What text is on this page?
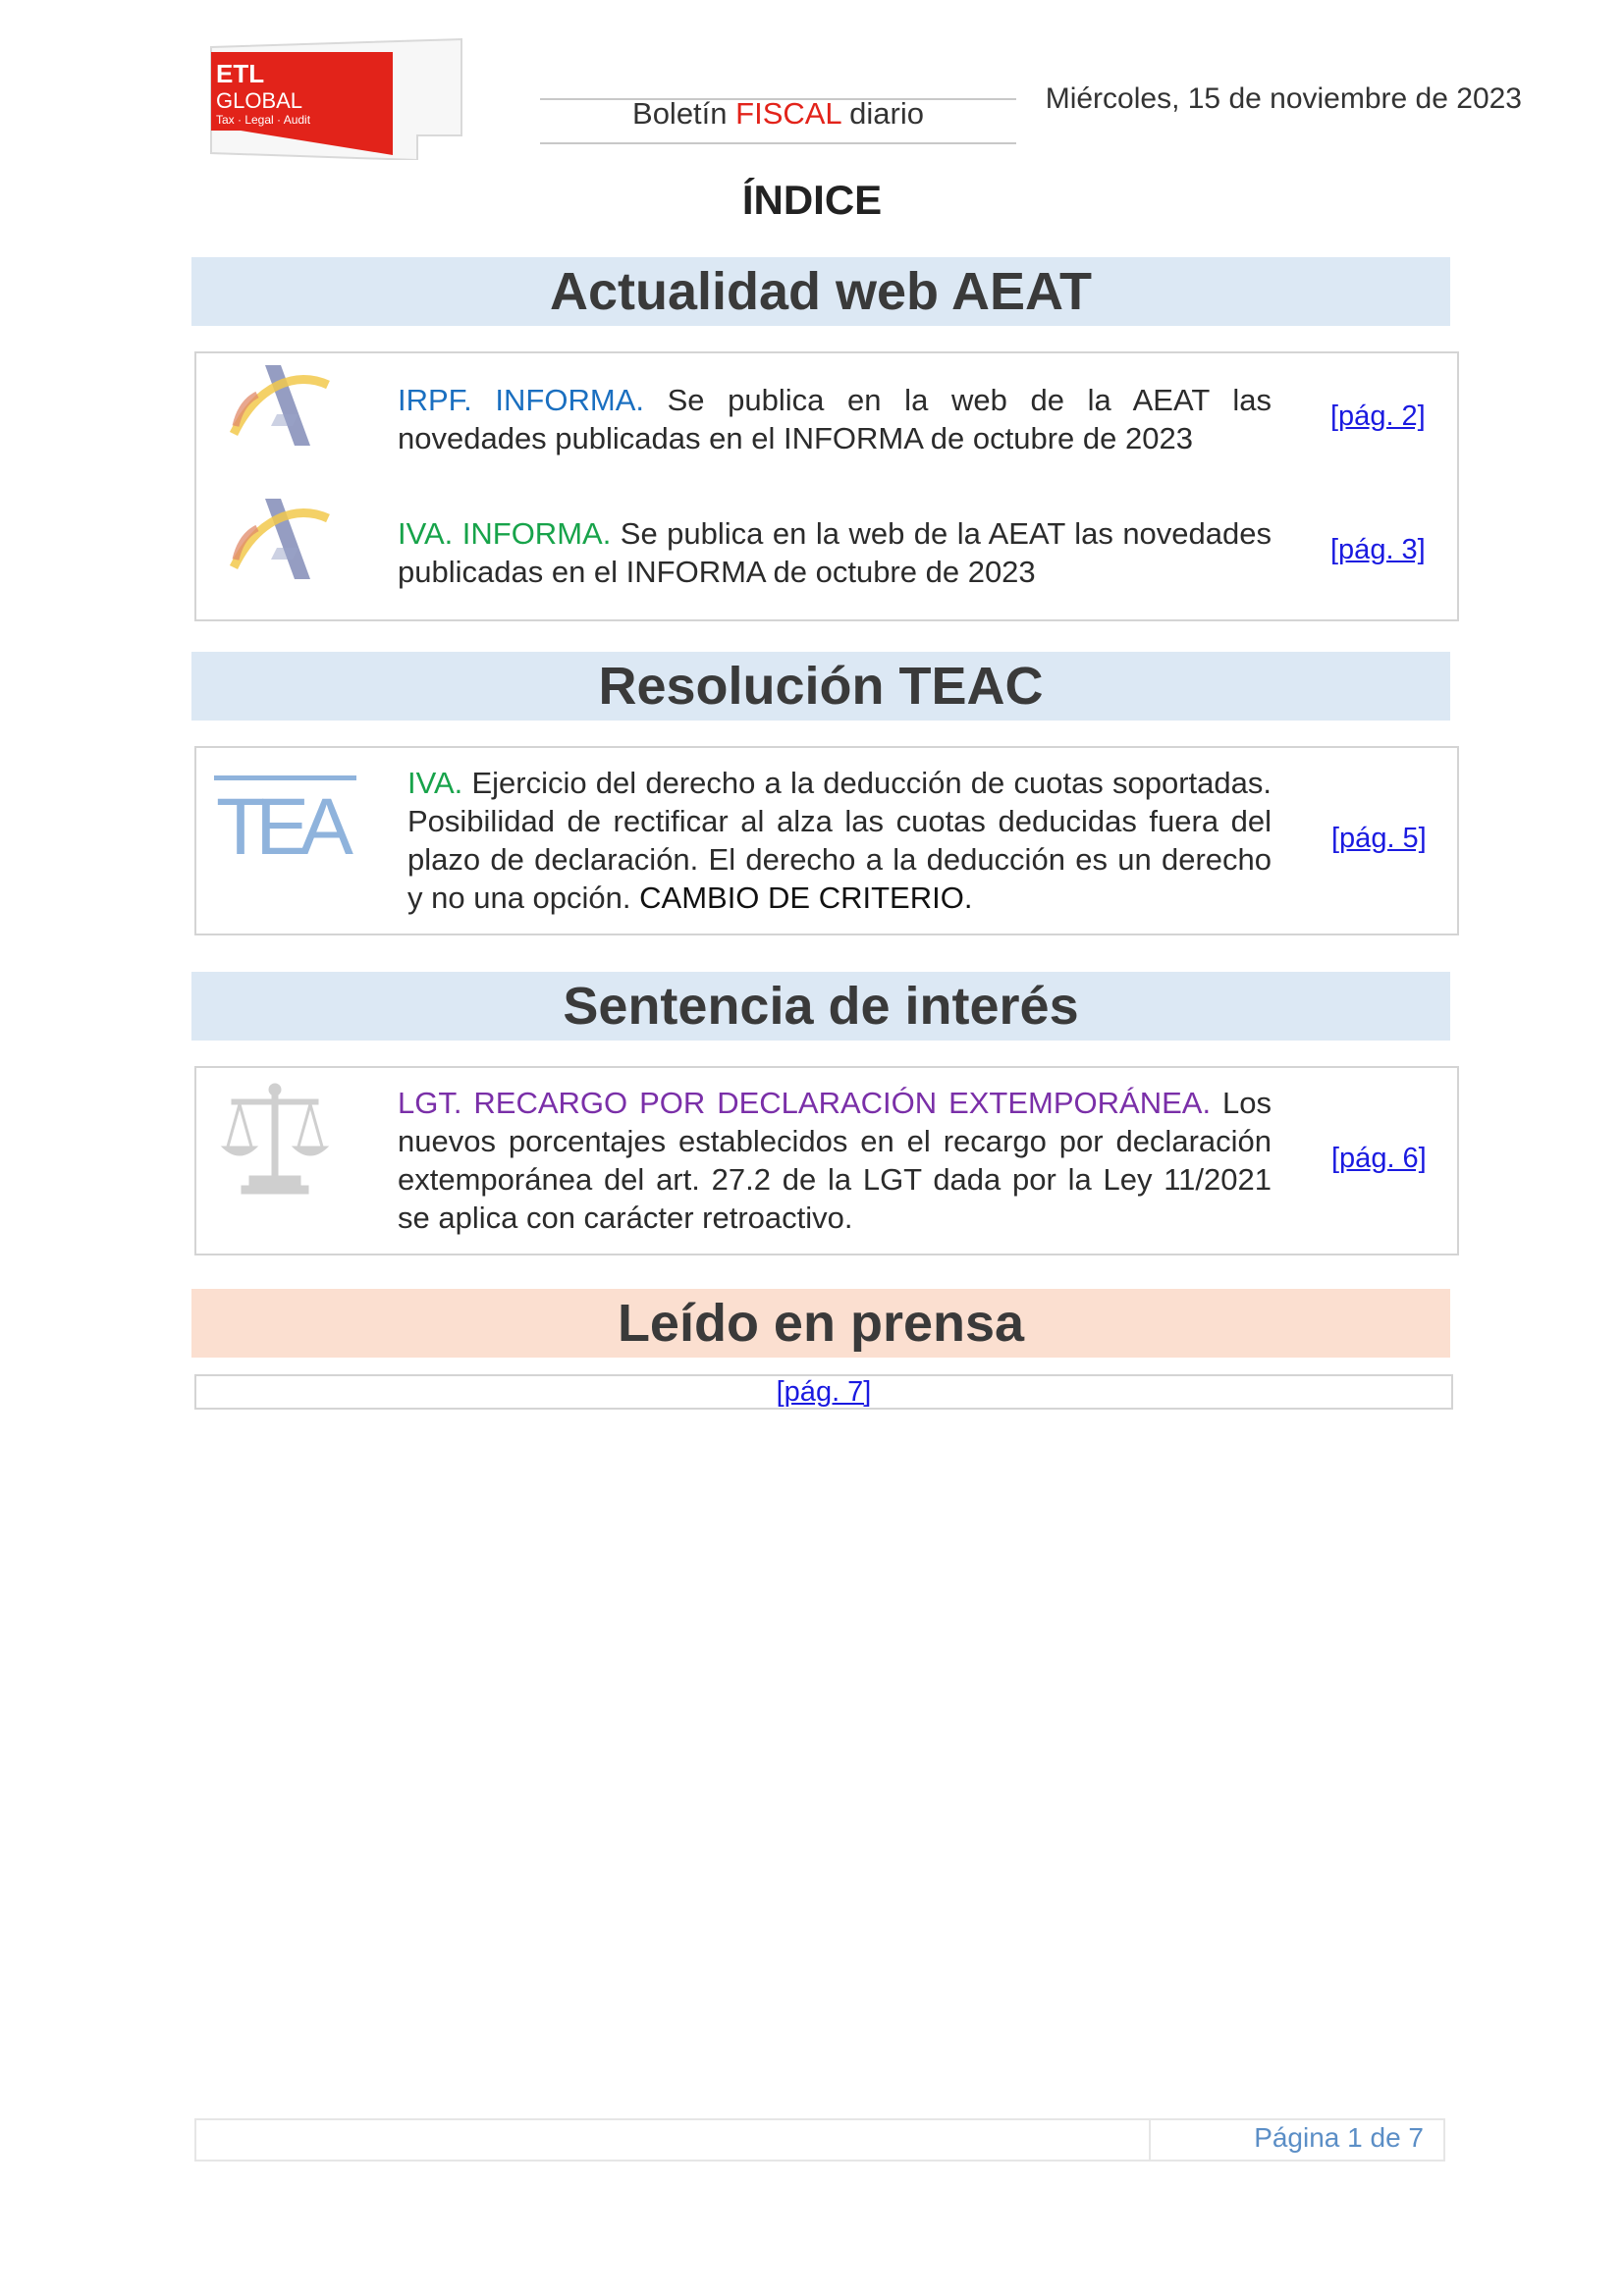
ETL
GLOBAL
Tax · Legal · Audit	Boletín FISCAL diario	Miércoles, 15 de noviembre de 2023
ÍNDICE
Actualidad web AEAT
IRPF. INFORMA. Se publica en la web de la AEAT las novedades publicadas en el INFORMA de octubre de 2023
[pág. 2]
IVA. INFORMA. Se publica en la web de la AEAT las novedades publicadas en el INFORMA de octubre de 2023
[pág. 3]
Resolución TEAC
TEA IVA. Ejercicio del derecho a la deducción de cuotas soportadas. Posibilidad de rectificar al alza las cuotas deducidas fuera del plazo de declaración. El derecho a la deducción es un derecho y no una opción. CAMBIO DE CRITERIO.
[pág. 5]
Sentencia de interés
LGT. RECARGO POR DECLARACIÓN EXTEMPORÁNEA. Los nuevos porcentajes establecidos en el recargo por declaración extemporánea del art. 27.2 de la LGT dada por la Ley 11/2021 se aplica con carácter retroactivo.
[pág. 6]
Leído en prensa
[pág. 7]
Página 1 de 7
